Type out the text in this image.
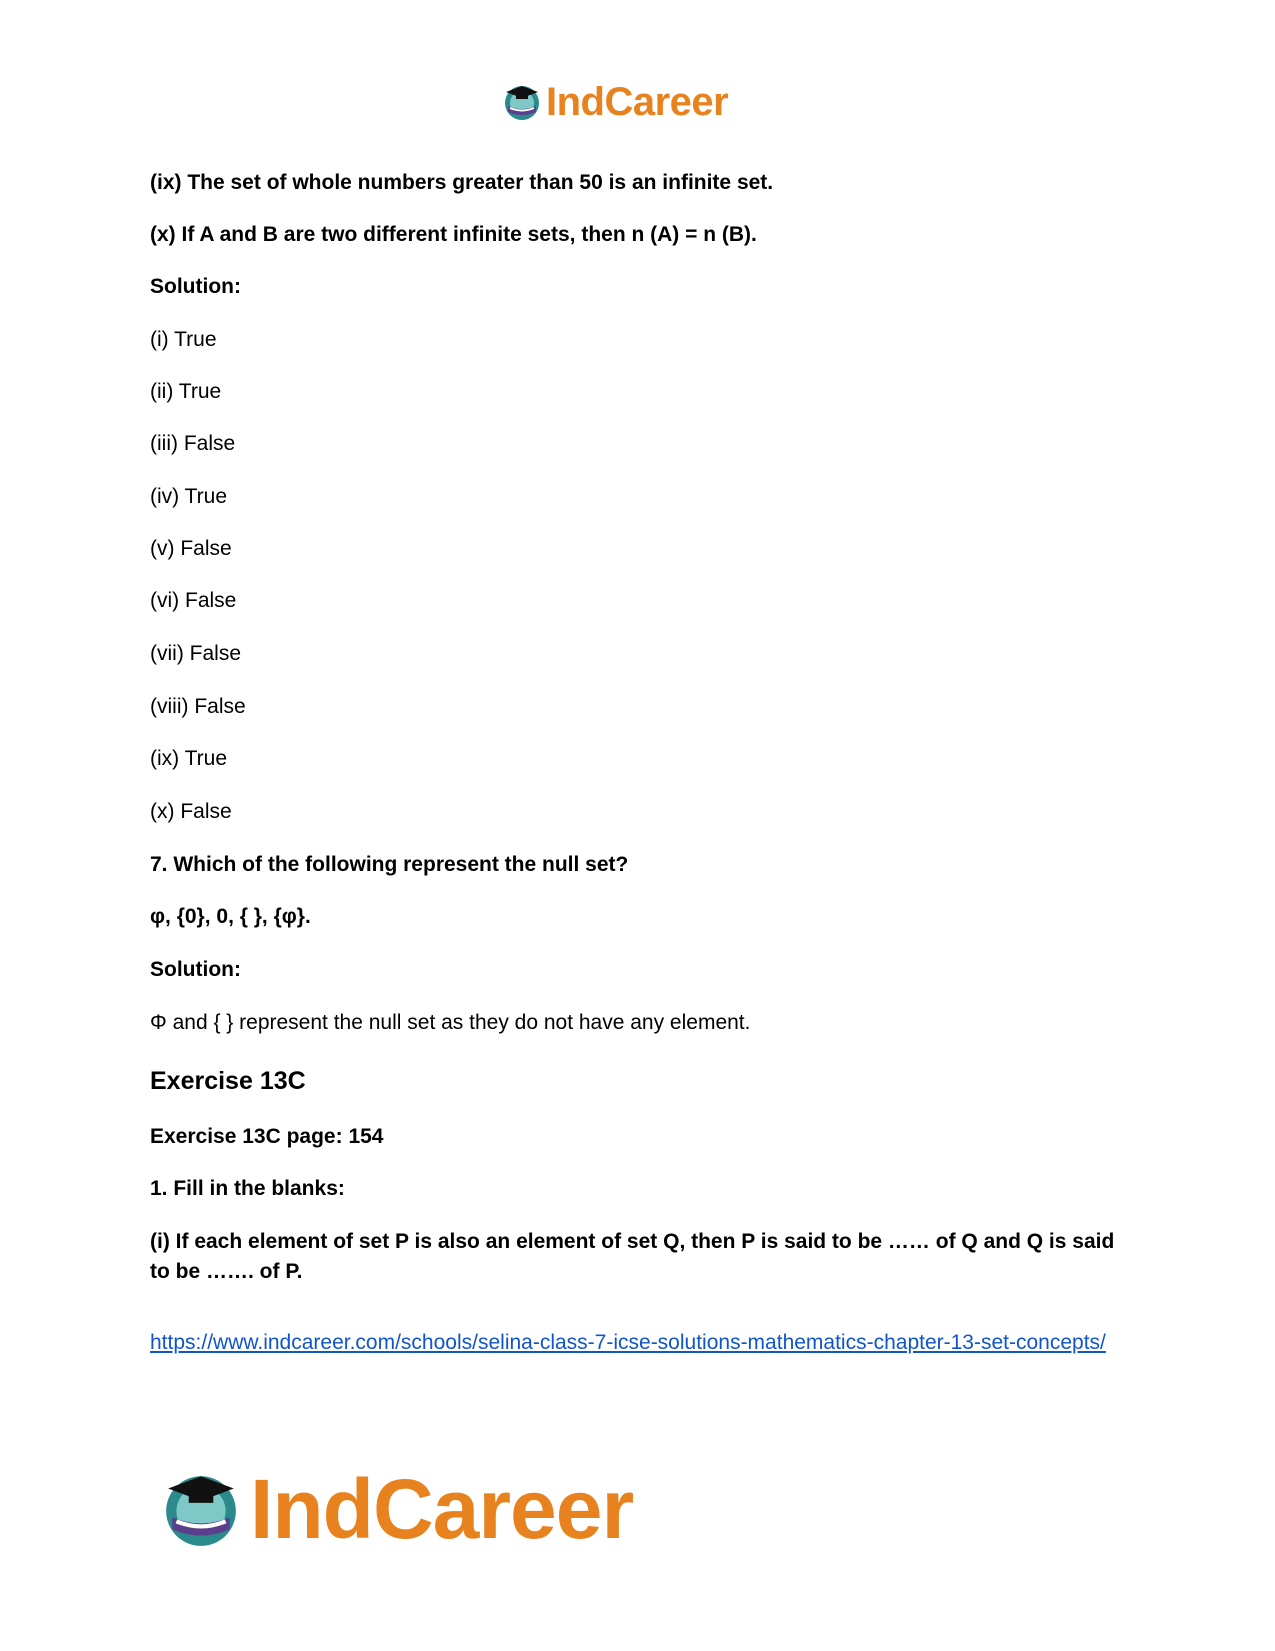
IndCareer
(ix) The set of whole numbers greater than 50 is an infinite set.
(x) If A and B are two different infinite sets, then n (A) = n (B).
Solution:
(i) True
(ii) True
(iii) False
(iv) True
(v) False
(vi) False
(vii) False
(viii) False
(ix) True
(x) False
7. Which of the following represent the null set?
φ, {0}, 0, { }, {φ}.
Solution:
Φ and { } represent the null set as they do not have any element.
Exercise 13C
Exercise 13C page: 154
1. Fill in the blanks:
(i) If each element of set P is also an element of set Q, then P is said to be …… of Q and Q is said to be ……. of P.
https://www.indcareer.com/schools/selina-class-7-icse-solutions-mathematics-chapter-13-set-concepts/
IndCareer
